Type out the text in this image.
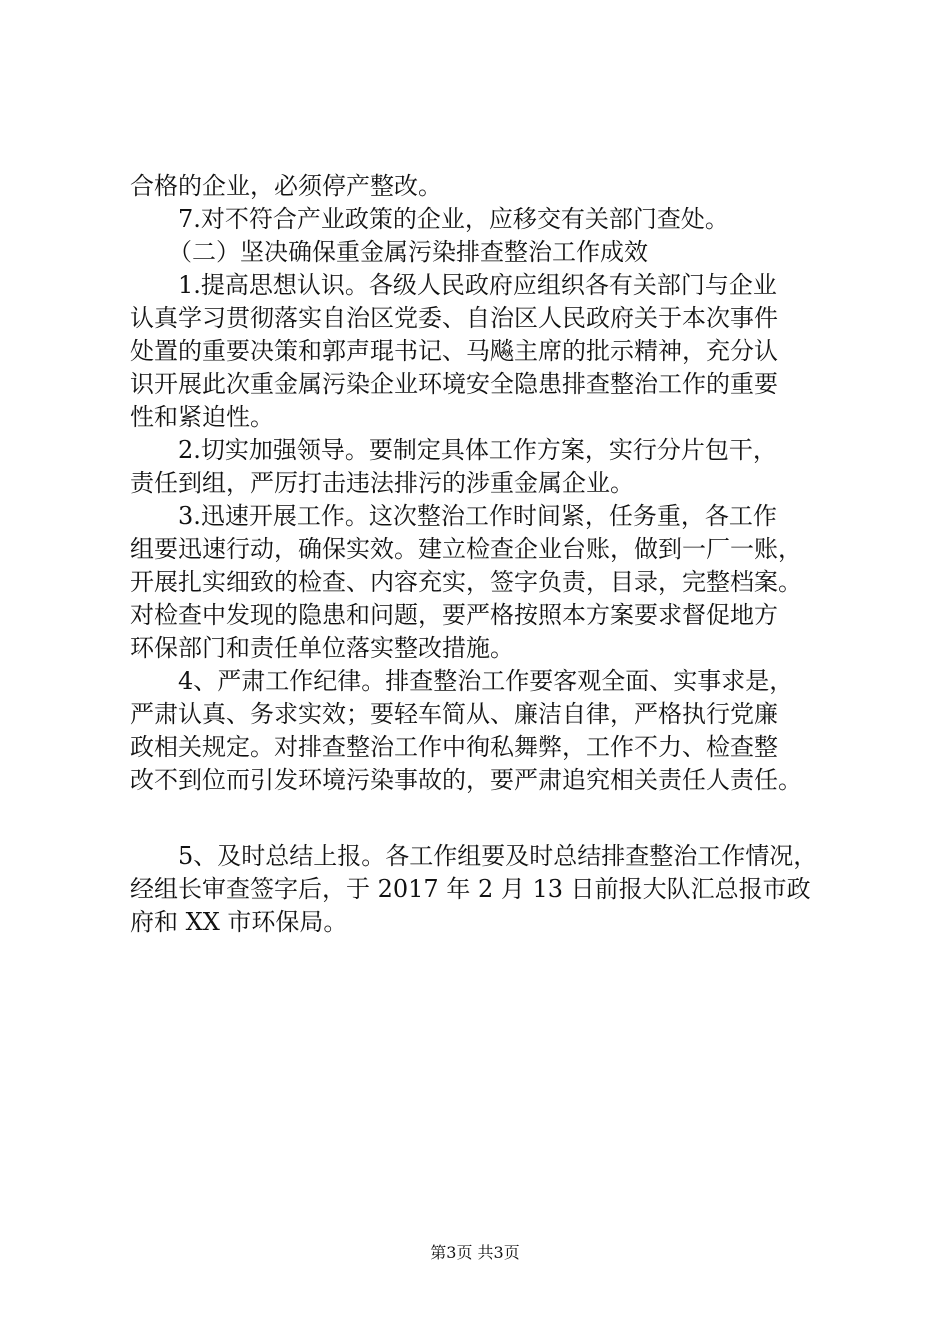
合格的企业，必须停产整改。
7.对不符合产业政策的企业，应移交有关部门查处。
（二）坚决确保重金属污染排查整治工作成效
1.提高思想认识。各级人民政府应组织各有关部门与企业
认真学习贯彻落实自治区党委、自治区人民政府关于本次事件
处置的重要决策和郭声琨书记、马飚主席的批示精神，充分认
识开展此次重金属污染企业环境安全隐患排查整治工作的重要
性和紧迫性。
2.切实加强领导。要制定具体工作方案，实行分片包干，
责任到组，严厉打击违法排污的涉重金属企业。
3.迅速开展工作。这次整治工作时间紧，任务重，各工作
组要迅速行动，确保实效。建立检查企业台账，做到一厂一账，
开展扎实细致的检查、内容充实，签字负责，目录，完整档案。
对检查中发现的隐患和问题，要严格按照本方案要求督促地方
环保部门和责任单位落实整改措施。
4、严肃工作纪律。排查整治工作要客观全面、实事求是，
严肃认真、务求实效；要轻车简从、廉洁自律，严格执行党廉
政相关规定。对排查整治工作中徇私舞弊，工作不力、检查整
改不到位而引发环境污染事故的，要严肃追究相关责任人责任。
5、及时总结上报。各工作组要及时总结排查整治工作情况，
经组长审查签字后，于 2017 年 2 月 13 日前报大队汇总报市政
府和 XX 市环保局。
第3页 共3页
